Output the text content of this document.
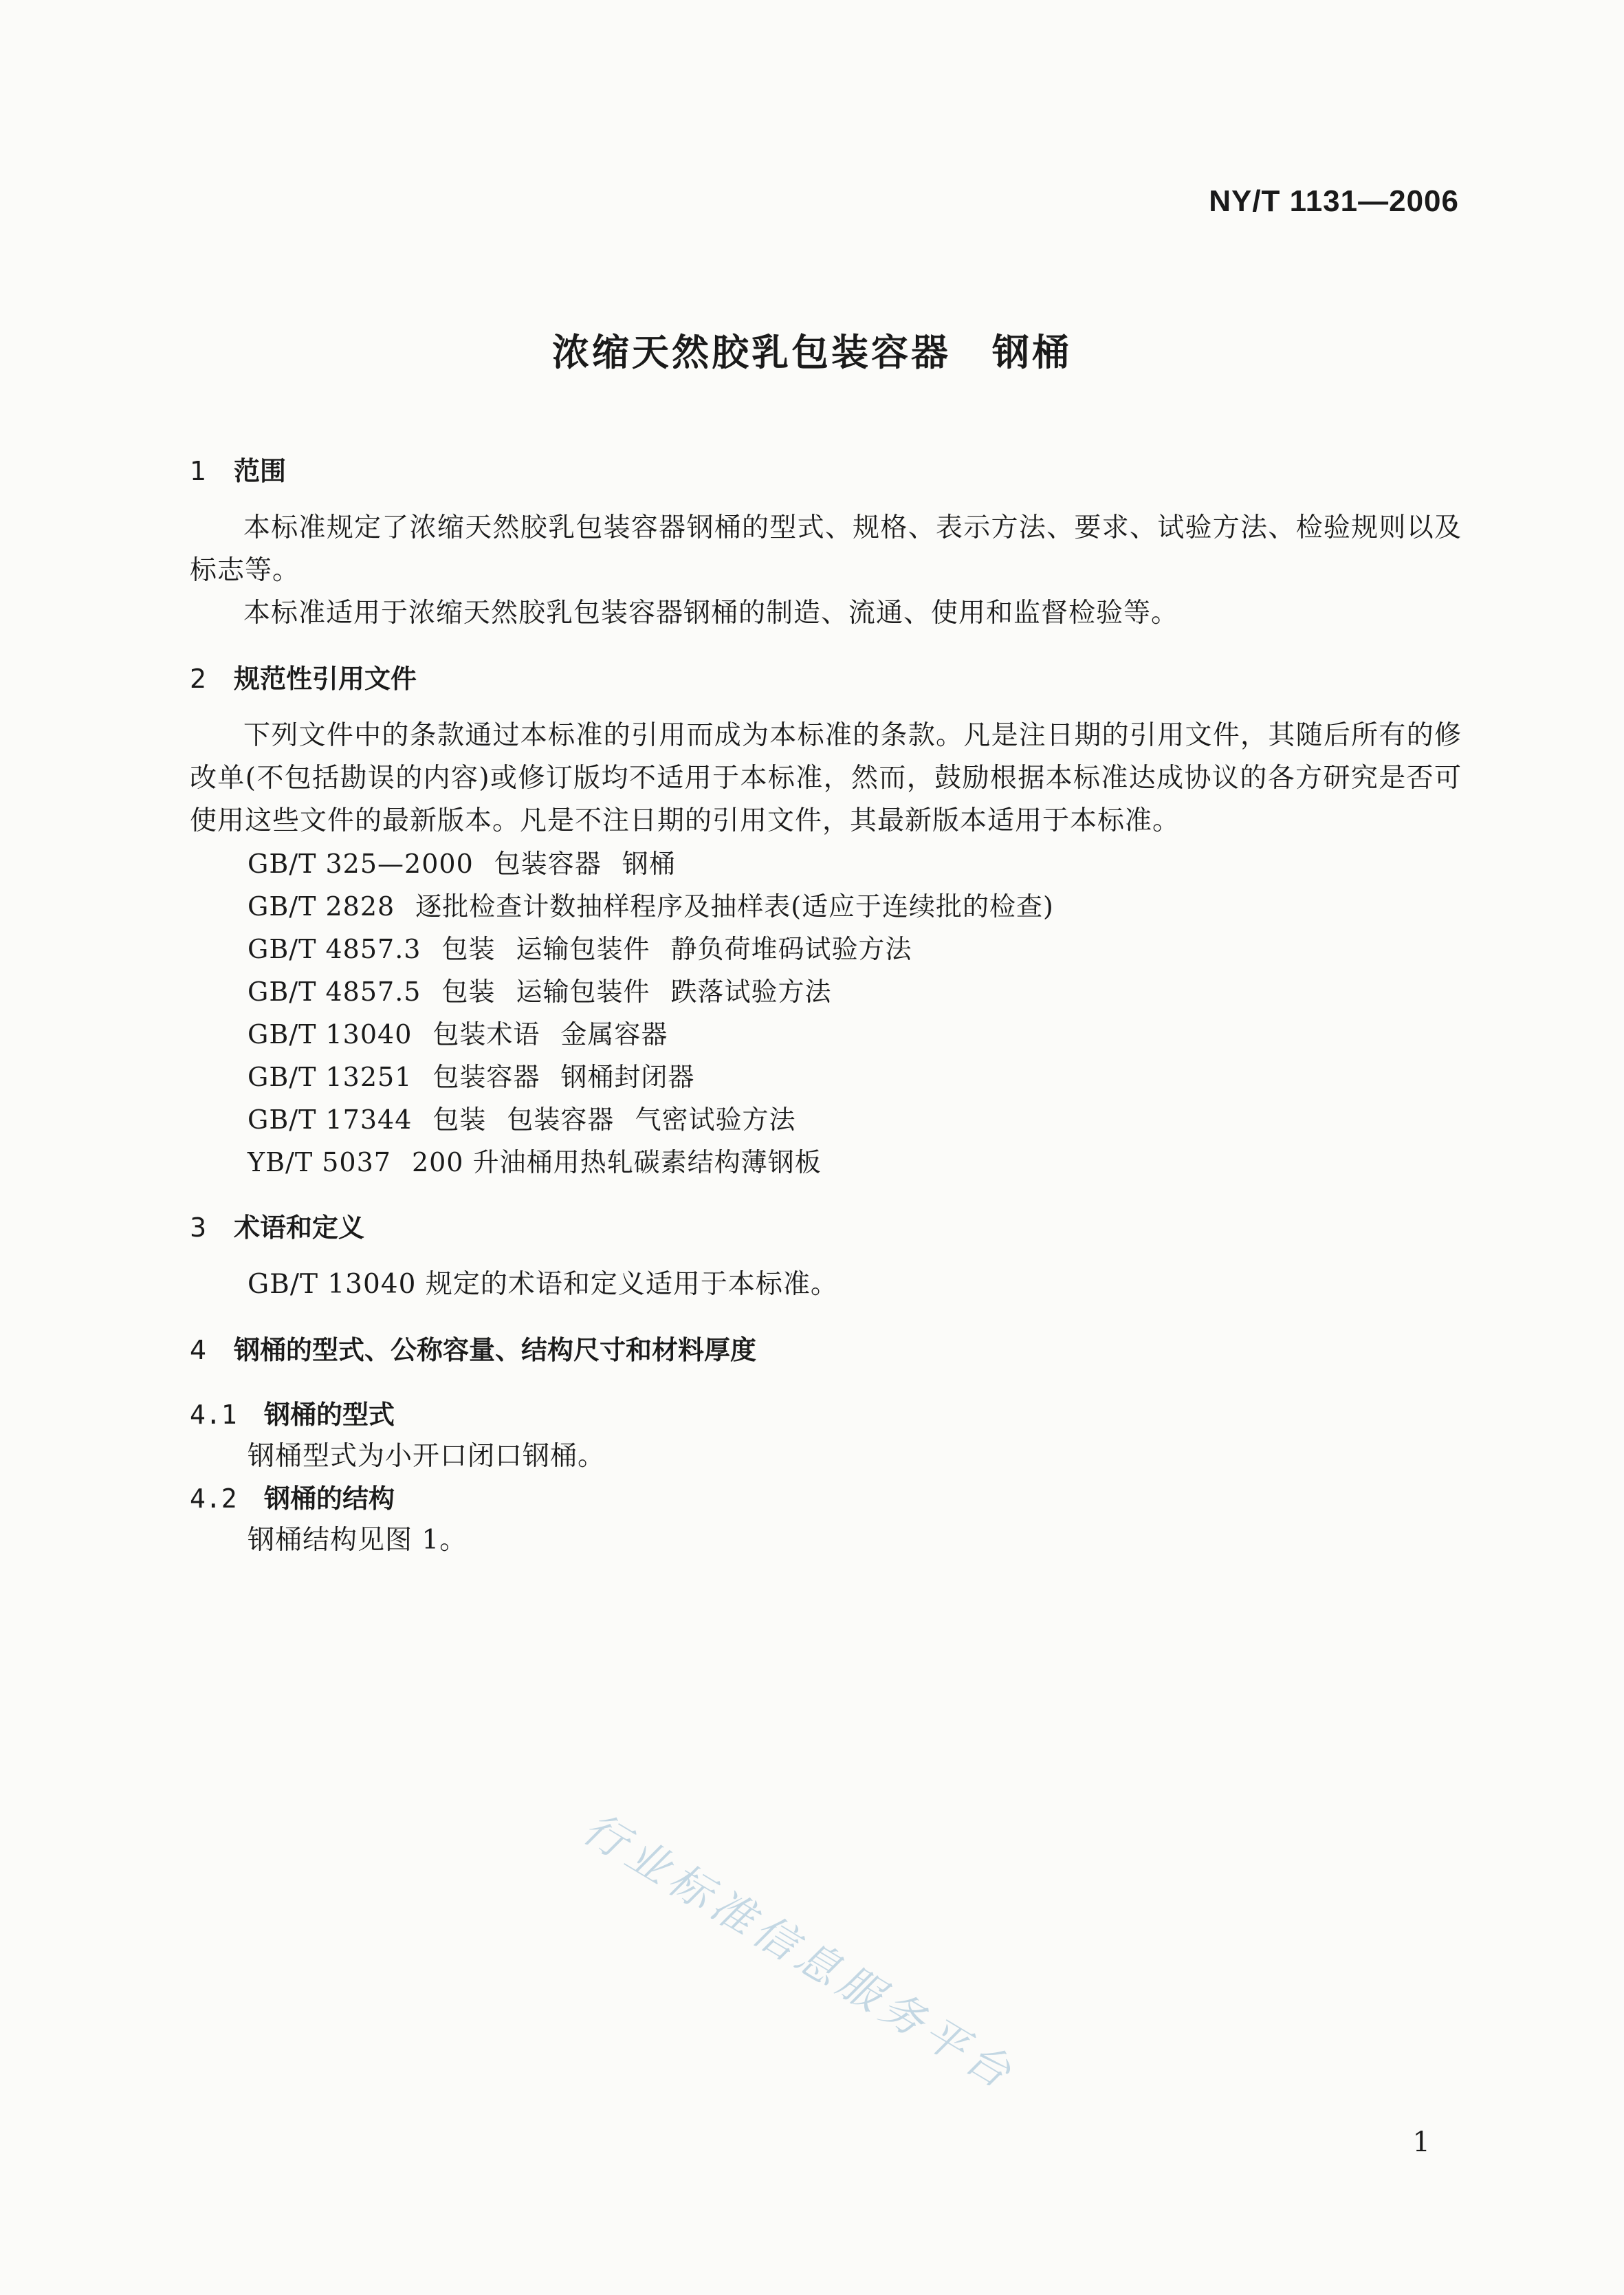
NY/T 1131—2006
浓缩天然胶乳包装容器 钢桶
1 范围
本标准规定了浓缩天然胶乳包装容器钢桶的型式、规格、表示方法、要求、试验方法、检验规则以及标志等。
本标准适用于浓缩天然胶乳包装容器钢桶的制造、流通、使用和监督检验等。
2 规范性引用文件
下列文件中的条款通过本标准的引用而成为本标准的条款。凡是注日期的引用文件，其随后所有的修改单(不包括勘误的内容)或修订版均不适用于本标准，然而，鼓励根据本标准达成协议的各方研究是否可使用这些文件的最新版本。凡是不注日期的引用文件，其最新版本适用于本标准。
GB/T 325—2000 包装容器 钢桶
GB/T 2828 逐批检查计数抽样程序及抽样表(适应于连续批的检查)
GB/T 4857.3 包装 运输包装件 静负荷堆码试验方法
GB/T 4857.5 包装 运输包装件 跌落试验方法
GB/T 13040 包装术语 金属容器
GB/T 13251 包装容器 钢桶封闭器
GB/T 17344 包装 包装容器 气密试验方法
YB/T 5037 200 升油桶用热轧碳素结构薄钢板
3 术语和定义
GB/T 13040 规定的术语和定义适用于本标准。
4 钢桶的型式、公称容量、结构尺寸和材料厚度
4.1 钢桶的型式
钢桶型式为小开口闭口钢桶。
4.2 钢桶的结构
钢桶结构见图 1。
行业标准信息服务平台
1
